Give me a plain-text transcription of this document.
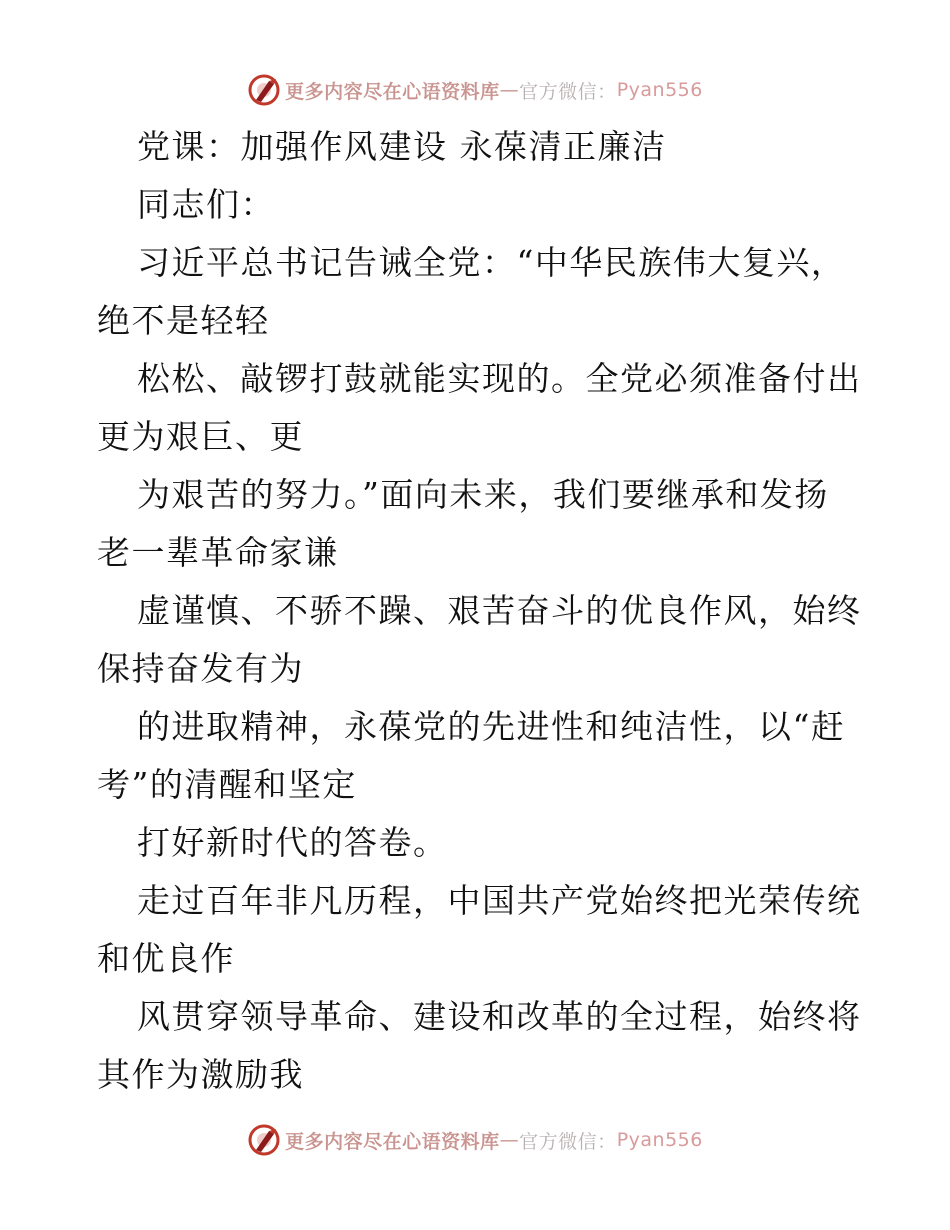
更多内容尽在心语资料库 — 官方微信： Pyan556

党课：加强作风建设 永葆清正廉洁

同志们：

习近平总书记告诫全党：“中华民族伟大复兴，

绝不是轻轻

松松、敲锣打鼓就能实现的。全党必须准备付出

更为艰巨、更

为艰苦的努力。”面向未来，我们要继承和发扬

老一辈革命家谦

虚谨慎、不骄不躁、艰苦奋斗的优良作风，始终

保持奋发有为

的进取精神，永葆党的先进性和纯洁性，以“赶

考”的清醒和坚定

打好新时代的答卷。

走过百年非凡历程，中国共产党始终把光荣传统

和优良作

风贯穿领导革命、建设和改革的全过程，始终将

其作为激励我

更多内容尽在心语资料库 — 官方微信： Pyan556
